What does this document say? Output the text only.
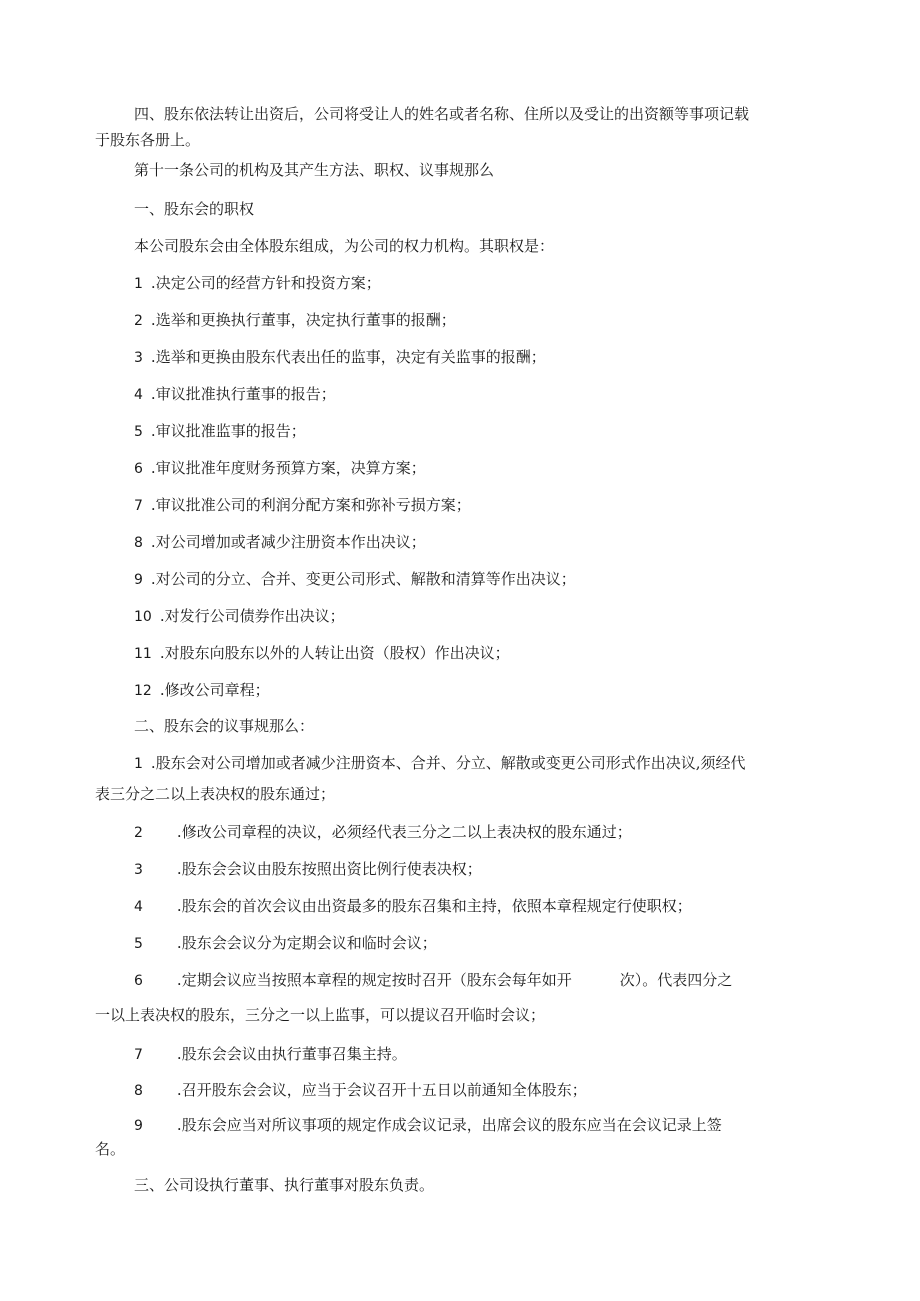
四、股东依法转让出资后，公司将受让人的姓名或者名称、住所以及受让的出资额等事项记载
于股东各册上。
第十一条公司的机构及其产生方法、职权、议事规那么
一、股东会的职权
本公司股东会由全体股东组成，为公司的权力机构。其职权是：
1 .决定公司的经营方针和投资方案；
2 .选举和更换执行董事，决定执行董事的报酬；
3 .选举和更换由股东代表出任的监事，决定有关监事的报酬；
4 .审议批准执行董事的报告；
5 .审议批准监事的报告；
6 .审议批准年度财务预算方案，决算方案；
7 .审议批准公司的利润分配方案和弥补亏损方案；
8 .对公司增加或者减少注册资本作出决议；
9 .对公司的分立、合并、变更公司形式、解散和清算等作出决议；
10 .对发行公司债券作出决议；
11 .对股东向股东以外的人转让出资（股权）作出决议；
12 .修改公司章程；
二、股东会的议事规那么：
1 .股东会对公司增加或者减少注册资本、合并、分立、解散或变更公司形式作出决议,须经代
表三分之二以上表决权的股东通过；
2 .修改公司章程的决议，必须经代表三分之二以上表决权的股东通过；
3 .股东会会议由股东按照出资比例行使表决权；
4 .股东会的首次会议由出资最多的股东召集和主持，依照本章程规定行使职权；
5 .股东会会议分为定期会议和临时会议；
6 .定期会议应当按照本章程的规定按时召开（股东会每年如开	次）。代表四分之
一以上表决权的股东，三分之一以上监事，可以提议召开临时会议；
7 .股东会会议由执行董事召集主持。
8 .召开股东会会议，应当于会议召开十五日以前通知全体股东；
9 .股东会应当对所议事项的规定作成会议记录，出席会议的股东应当在会议记录上签
名。
三、公司设执行董事、执行董事对股东负责。
